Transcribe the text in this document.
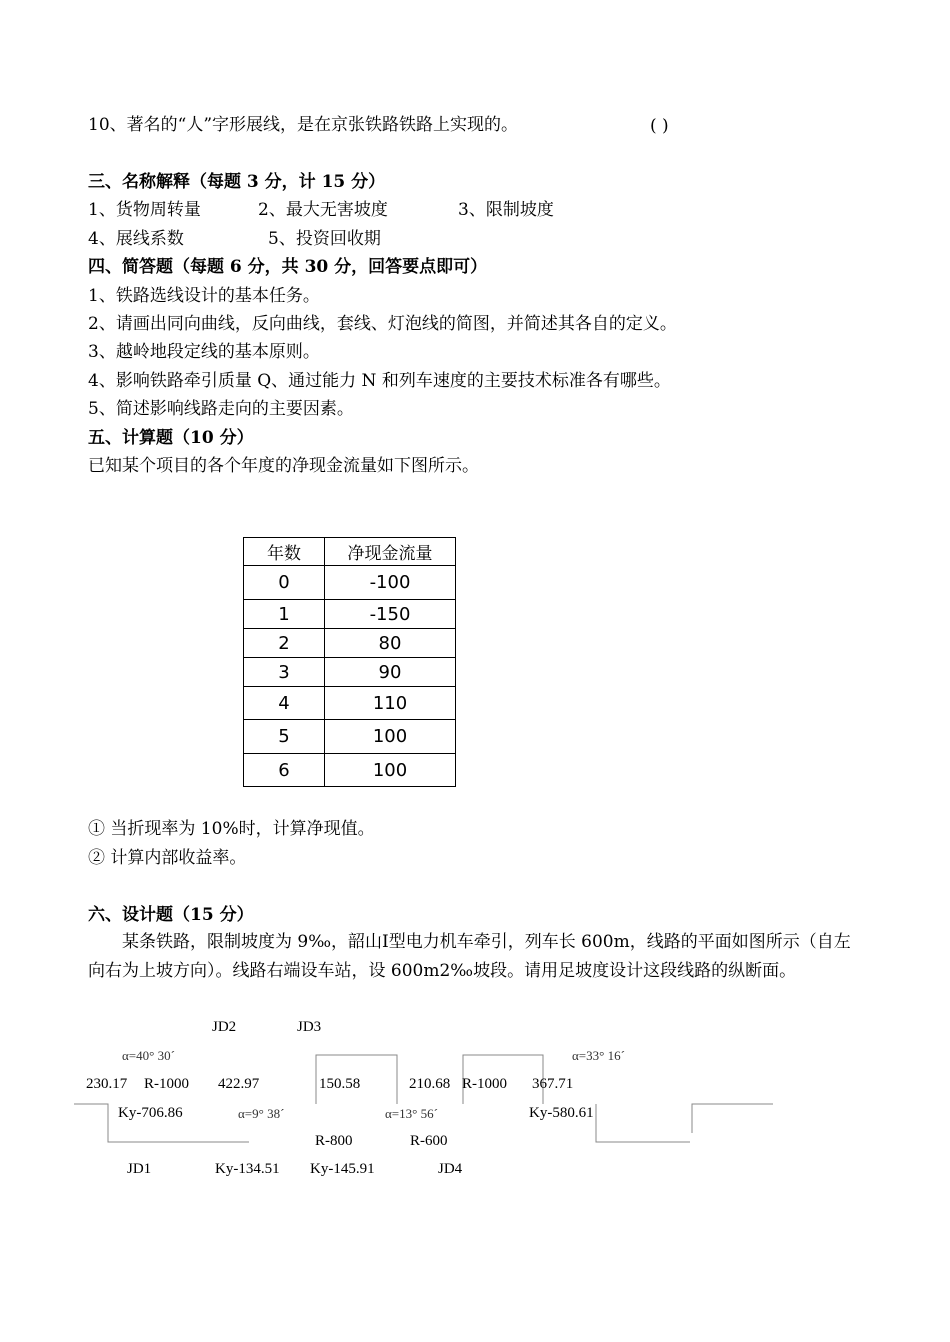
10、著名的“人”字形展线，是在京张铁路铁路上实现的。	( )
三、名称解释（每题 3 分，计 15 分）
1、货物周转量	2、最大无害坡度	3、限制坡度
4、展线系数	5、投资回收期
四、简答题（每题 6 分，共 30 分，回答要点即可）
1、铁路选线设计的基本任务。
2、请画出同向曲线，反向曲线，套线、灯泡线的简图，并简述其各自的定义。
3、越岭地段定线的基本原则。
4、影响铁路牵引质量 Q、通过能力 N 和列车速度的主要技术标准各有哪些。
5、简述影响线路走向的主要因素。
五、计算题（10 分）
已知某个项目的各个年度的净现金流量如下图所示。
年数	净现金流量
0	-100
1	-150
2	80
3	90
4	110
5	100
6	100
① 当折现率为 10%时，计算净现值。
② 计算内部收益率。
六、设计题（15 分）
某条铁路，限制坡度为 9‰，韶山Ⅰ型电力机车牵引，列车长 600m，线路的平面如图所示（自左向右为上坡方向）。线路右端设车站，设 600m2‰坡段。请用足坡度设计这段线路的纵断面。
JD2	JD3
α=40° 30´	α=33° 16´
230.17 R-1000 422.97	150.58	210.68 R-1000 367.71
Ky-706.86	α=9° 38´	α=13° 56´	Ky-580.61
R-800	R-600
JD1	Ky-134.51 Ky-145.91	JD4
